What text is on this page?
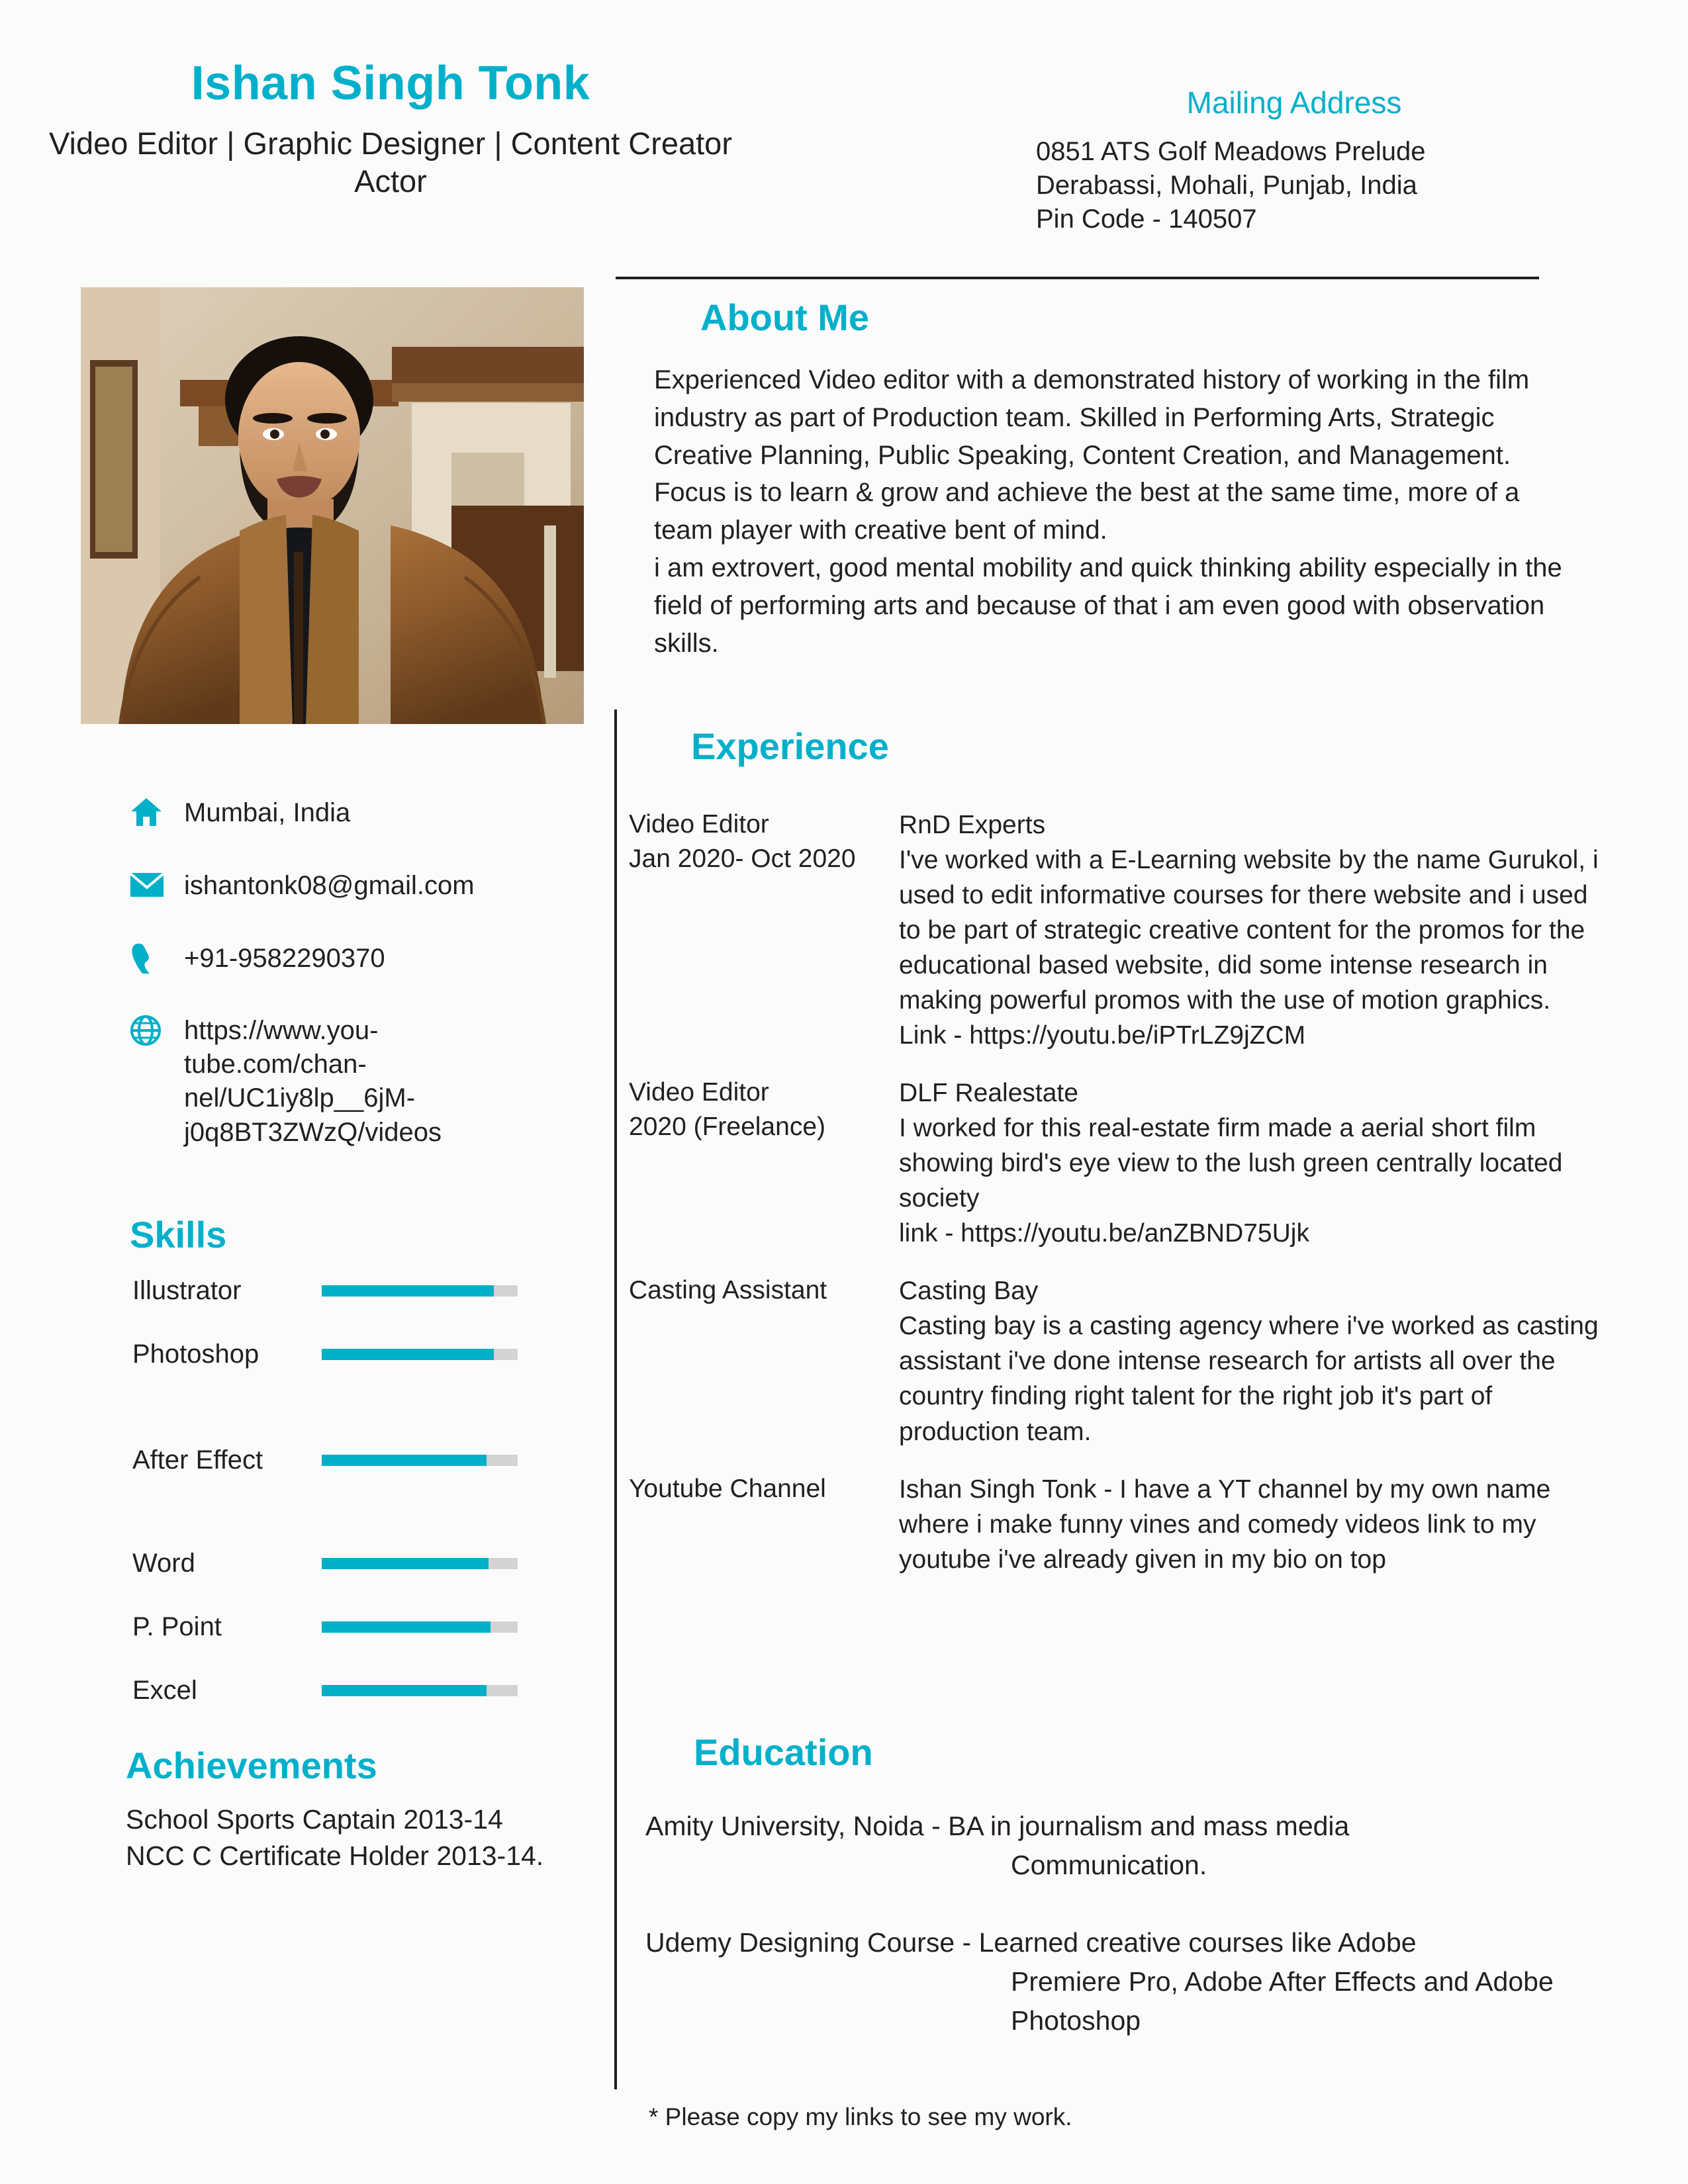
Ishan Singh Tonk
Video Editor | Graphic Designer | Content Creator
Actor
Mailing Address
0851 ATS Golf Meadows Prelude
Derabassi, Mohali, Punjab, India
Pin Code - 140507
Mumbai, India
ishantonk08@gmail.com
+91-9582290370
https://www.you-
tube.com/chan-
nel/UC1iy8lp__6jM-
j0q8BT3ZWzQ/videos
Skills
Illustrator
Photoshop
After Effect
Word
P. Point
Excel
Achievements
School Sports Captain 2013-14
NCC C Certificate Holder 2013-14.
About Me

Experienced Video editor with a demonstrated history of working in the film industry as part of Production team. Skilled in Performing Arts, Strategic Creative Planning, Public Speaking, Content Creation, and Management.

Focus is to learn & grow and achieve the best at the same time, more of a team player with creative bent of mind.

i am extrovert, good mental mobility and quick thinking ability especially in the field of performing arts and because of that i am even good with observation skills.

Experience
Video Editor
Jan 2020- Oct 2020
RnD Experts
I've worked with a E-Learning website by the name Gurukol, i used to edit informative courses for there website and i used to be part of strategic creative content for the promos for the educational based website, did some intense research in making powerful promos with the use of motion graphics.
Link - https://youtu.be/iPTrLZ9jZCM
Video Editor
2020 (Freelance)
DLF Realestate
I worked for this real-estate firm made a aerial short film showing bird's eye view to the lush green centrally located society
link - https://youtu.be/anZBND75Ujk
Casting Assistant	Casting Bay
Casting bay is a casting agency where i've worked as casting assistant i've done intense research for artists all over the country finding right talent for the right job it's part of production team.
Youtube Channel	Ishan Singh Tonk - I have a YT channel by my own name where i make funny vines and comedy videos link to my youtube i've already given in my bio on top
Education
Amity University, Noida - BA in journalism and mass media
Communication.
Udemy Designing Course - Learned creative courses like Adobe
Premiere Pro, Adobe After Effects and Adobe Photoshop
* Please copy my links to see my work.
